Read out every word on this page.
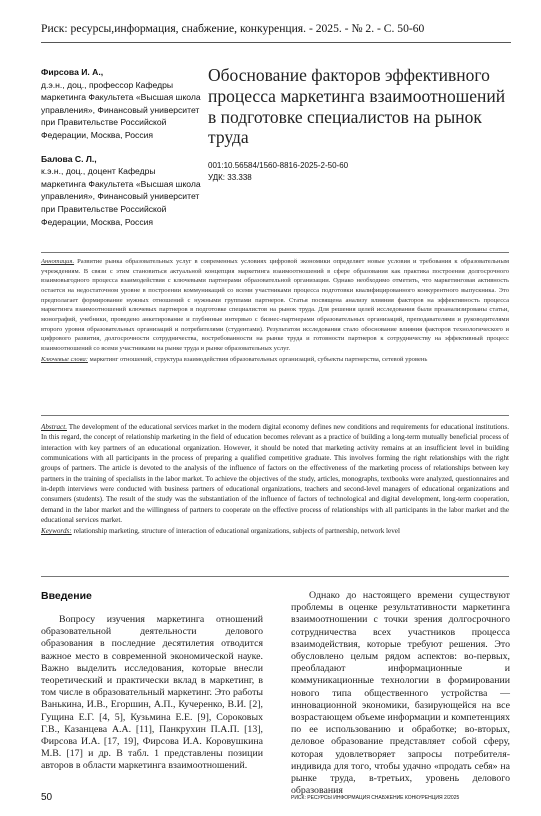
Риск: ресурсы,информация, снабжение, конкуренция. - 2025. - № 2. - С. 50-60
Фирсова И. А.,
д.э.н., доц., профессор Кафедры маркетинга Факультета «Высшая школа управления», Финансовый университет при Правительстве Российской Федерации, Москва, Россия
Балова С. Л.,
к.э.н., доц., доцент Кафедры маркетинга Факультета «Высшая школа управления», Финансовый университет при Правительстве Российской Федерации, Москва, Россия
Обоснование факторов эффективного процесса маркетинга взаимоотношений в подготовке специалистов на рынок труда
001:10.56584/1560-8816-2025-2-50-60
УДК: 33.338
Аннотация. Развитие рынка образовательных услуг в современных условиях цифровой экономики определяет новые условия и требования к образовательным учреждениям. В связи с этим становиться актуальной концепция маркетинга взаимоотношений в сфере образования как практика построения долгосрочного взаимовыгодного процесса взаимодействия с ключевыми партнерами образовательной организации. Однако необходимо отметить, что маркетинговая активность остается на недостаточном уровне в построении коммуникаций со всеми участниками процесса подготовки квалифицированного конкурентного выпускника. Это предполагает формирование нужных отношений с нужными группами партнеров. Статья посвящена анализу влияния факторов на эффективность процесса маркетинга взаимоотношений ключевых партнеров в подготовке специалистов на рынок труда. Для решения целей исследования были проанализированы статьи, монографий, учебники, проведено анкетирование и глубинные интервью с бизнес-партнерами образовательных организаций, преподавателями и руководителями второго уровня образовательных организаций и потребителями (студентами). Результатом исследования стало обоснование влияния факторов технологического и цифрового развития, долгосрочности сотрудничества, востребованности на рынке труда и готовности партнеров к сотрудничеству на эффективный процесс взаимоотношений со всеми участниками на рынке труда и рынке образовательных услуг.
Ключевые слова: маркетинг отношений, структура взаимодействия образовательных организаций, субъекты партнерства, сетевой уровень
Abstract. The development of the educational services market in the modern digital economy defines new conditions and requirements for educational institutions. In this regard, the concept of relationship marketing in the field of education becomes relevant as a practice of building a long-term mutually beneficial process of interaction with key partners of an educational organization. However, it should be noted that marketing activity remains at an insufficient level in building communications with all participants in the process of preparing a qualified competitive graduate. This involves forming the right relationships with the right groups of partners. The article is devoted to the analysis of the influence of factors on the effectiveness of the marketing process of relationships between key partners in the training of specialists in the labor market. To achieve the objectives of the study, articles, monographs, textbooks were analyzed, questionnaires and in-depth interviews were conducted with business partners of educational organizations, teachers and second-level managers of educational organizations and consumers (students). The result of the study was the substantiation of the influence of factors of technological and digital development, long-term cooperation, demand in the labor market and the willingness of partners to cooperate on the effective process of relationships with all participants in the labor market and the educational services market.
Keywords: relationship marketing, structure of interaction of educational organizations, subjects of partnership, network level
Введение
Вопросу изучения маркетинга отношений образовательной деятельности делового образования в последние десятилетия отводится важное место в современной экономической науке. Важно выделить исследования, которые внесли теоретический и практически вклад в маркетинг, в том числе в образовательный маркетинг. Это работы Ванькина, И.В., Егоршин, А.П., Кучеренко, В.И. [2], Гущина Е.Г. [4, 5], Кузьмина Е.Е. [9], Сороковых Г.В., Казанцева А.А. [11], Панкрухин П.А.П. [13], Фирсова И.А. [17, 19], Фирсова И.А. Коровушкина М.В. [17] и др. В табл. 1 представлены позиции авторов в области маркетинга взаимоотношений.
Однако до настоящего времени существуют проблемы в оценке результативности маркетинга взаимоотношении с точки зрения долгосрочного сотрудничества всех участников процесса взаимодействия, которые требуют решения. Это обусловлено целым рядом аспектов: во-первых, преобладают информационные и коммуникационные технологии в формировании нового типа общественного устройства — инновационной экономики, базирующейся на все возрастающем объеме информации и компетенциях по ее использованию и обработке; во-вторых, деловое образование представляет собой сферу, которая удовлетворяет запросы потребителя-индивида для того, чтобы удачно «продать себя» на рынке труда, в-третьих, уровень делового образования
50	РИСК: РЕСУРСЫ ИНФОРМАЦИЯ СНАБЖЕНИЕ КОНКУРЕНЦИЯ 2/2025
